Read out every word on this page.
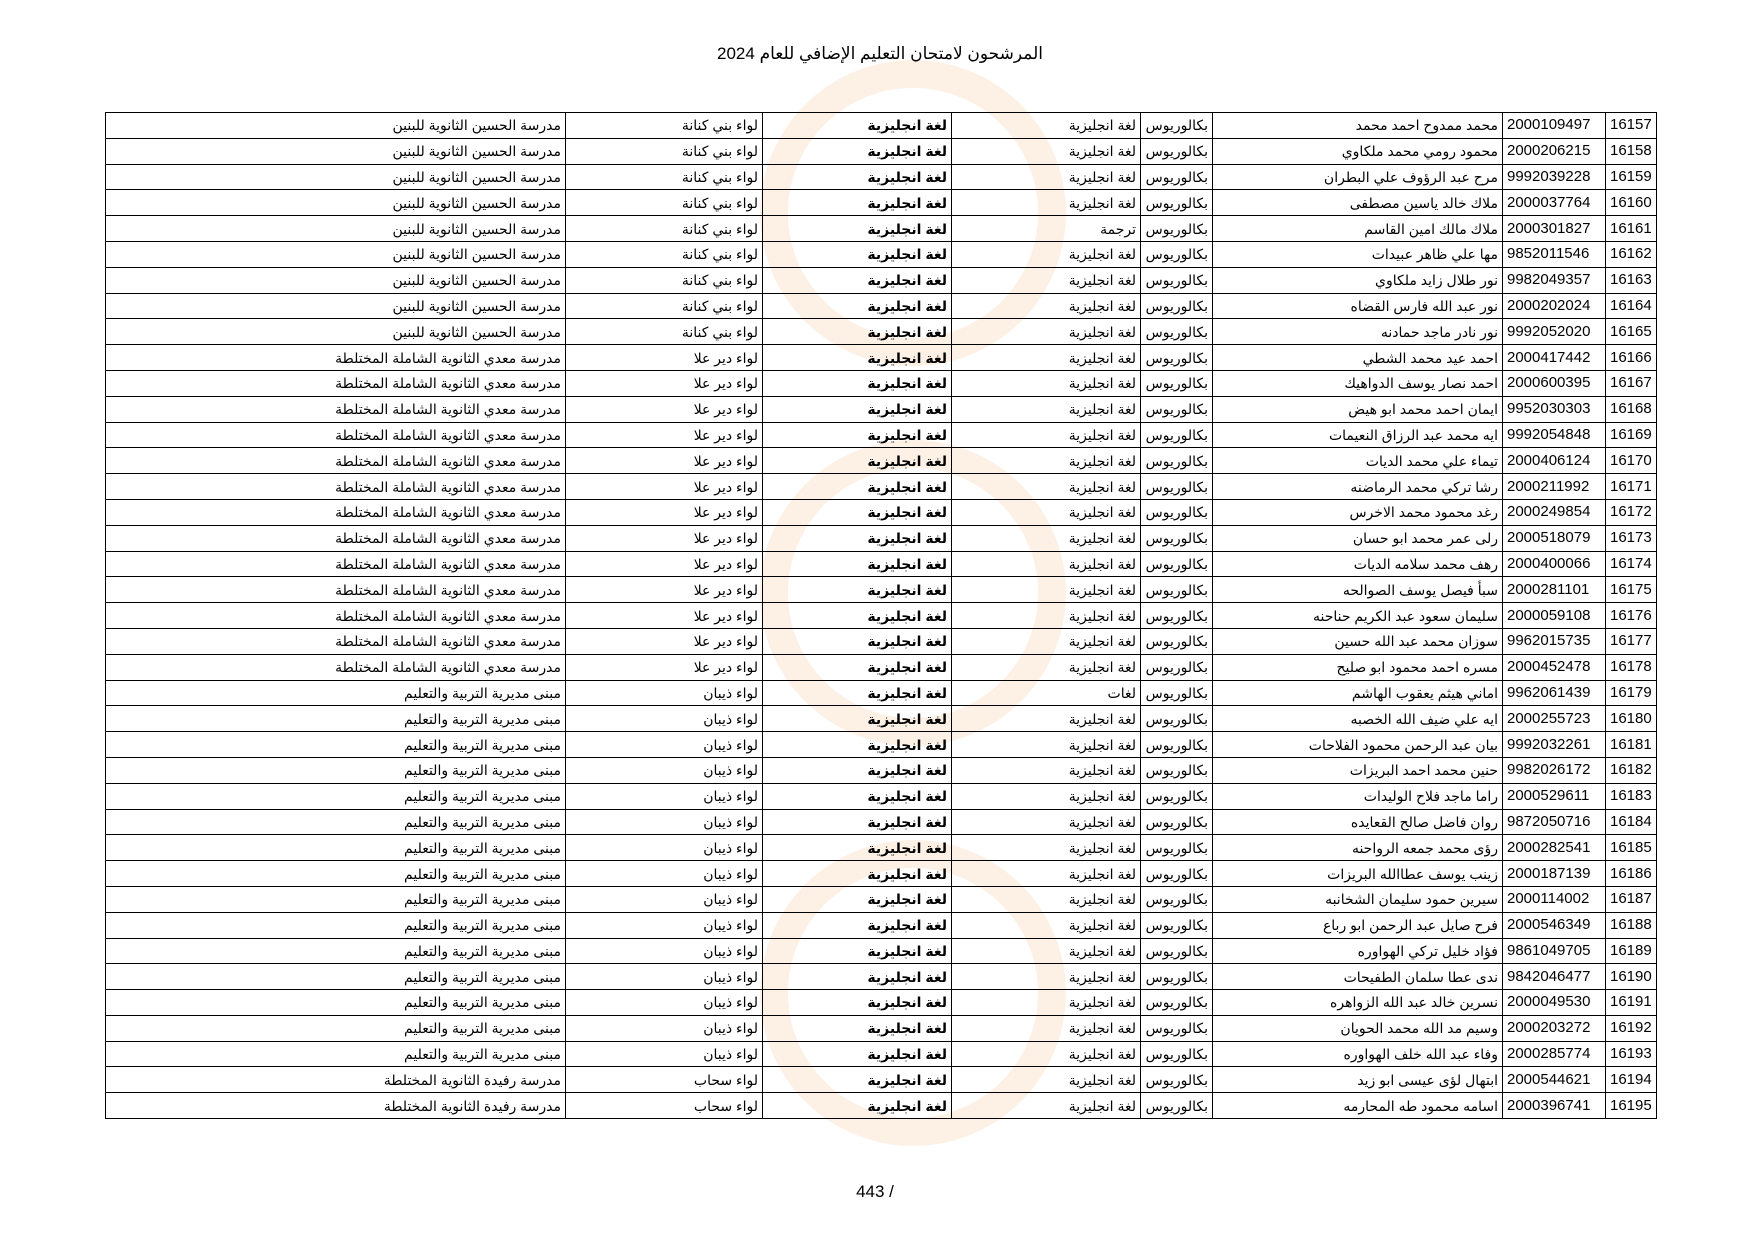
المرشحون لامتحان التعليم الإضافي للعام 2024
16157	2000109497	محمد ممدوح احمد محمد	بكالوريوس	لغة انجليزية	لغة انجليزية	لواء بني كنانة	مدرسة الحسين الثانوية للبنين
16158	2000206215	محمود رومي محمد ملكاوي	بكالوريوس	لغة انجليزية	لغة انجليزية	لواء بني كنانة	مدرسة الحسين الثانوية للبنين
16159	9992039228	مرح عبد الرؤوف علي البطران	بكالوريوس	لغة انجليزية	لغة انجليزية	لواء بني كنانة	مدرسة الحسين الثانوية للبنين
16160	2000037764	ملاك خالد ياسين مصطفى	بكالوريوس	لغة انجليزية	لغة انجليزية	لواء بني كنانة	مدرسة الحسين الثانوية للبنين
16161	2000301827	ملاك مالك امين القاسم	بكالوريوس	ترجمة	لغة انجليزية	لواء بني كنانة	مدرسة الحسين الثانوية للبنين
16162	9852011546	مها علي ظاهر عبيدات	بكالوريوس	لغة انجليزية	لغة انجليزية	لواء بني كنانة	مدرسة الحسين الثانوية للبنين
16163	9982049357	نور طلال زايد ملكاوي	بكالوريوس	لغة انجليزية	لغة انجليزية	لواء بني كنانة	مدرسة الحسين الثانوية للبنين
16164	2000202024	نور عبد الله فارس القضاه	بكالوريوس	لغة انجليزية	لغة انجليزية	لواء بني كنانة	مدرسة الحسين الثانوية للبنين
16165	9992052020	نور نادر ماجد حمادنه	بكالوريوس	لغة انجليزية	لغة انجليزية	لواء بني كنانة	مدرسة الحسين الثانوية للبنين
16166	2000417442	احمد عيد محمد الشطي	بكالوريوس	لغة انجليزية	لغة انجليزية	لواء دير علا	مدرسة معدي الثانوية الشاملة المختلطة
16167	2000600395	احمد نصار يوسف الدواهيك	بكالوريوس	لغة انجليزية	لغة انجليزية	لواء دير علا	مدرسة معدي الثانوية الشاملة المختلطة
16168	9952030303	ايمان احمد محمد ابو هيض	بكالوريوس	لغة انجليزية	لغة انجليزية	لواء دير علا	مدرسة معدي الثانوية الشاملة المختلطة
16169	9992054848	ايه محمد عبد الرزاق النعيمات	بكالوريوس	لغة انجليزية	لغة انجليزية	لواء دير علا	مدرسة معدي الثانوية الشاملة المختلطة
16170	2000406124	تيماء علي محمد الديات	بكالوريوس	لغة انجليزية	لغة انجليزية	لواء دير علا	مدرسة معدي الثانوية الشاملة المختلطة
16171	2000211992	رشا تركي محمد الرماضنه	بكالوريوس	لغة انجليزية	لغة انجليزية	لواء دير علا	مدرسة معدي الثانوية الشاملة المختلطة
16172	2000249854	رغد محمود محمد الاخرس	بكالوريوس	لغة انجليزية	لغة انجليزية	لواء دير علا	مدرسة معدي الثانوية الشاملة المختلطة
16173	2000518079	رلى عمر محمد ابو حسان	بكالوريوس	لغة انجليزية	لغة انجليزية	لواء دير علا	مدرسة معدي الثانوية الشاملة المختلطة
16174	2000400066	رهف محمد سلامه الديات	بكالوريوس	لغة انجليزية	لغة انجليزية	لواء دير علا	مدرسة معدي الثانوية الشاملة المختلطة
16175	2000281101	سبأ فيصل يوسف الصوالحه	بكالوريوس	لغة انجليزية	لغة انجليزية	لواء دير علا	مدرسة معدي الثانوية الشاملة المختلطة
16176	2000059108	سليمان سعود عبد الكريم حناحنه	بكالوريوس	لغة انجليزية	لغة انجليزية	لواء دير علا	مدرسة معدي الثانوية الشاملة المختلطة
16177	9962015735	سوزان محمد عبد الله حسين	بكالوريوس	لغة انجليزية	لغة انجليزية	لواء دير علا	مدرسة معدي الثانوية الشاملة المختلطة
16178	2000452478	مسره احمد محمود ابو صليح	بكالوريوس	لغة انجليزية	لغة انجليزية	لواء دير علا	مدرسة معدي الثانوية الشاملة المختلطة
16179	9962061439	اماني هيثم يعقوب الهاشم	بكالوريوس	لغات	لغة انجليزية	لواء ذيبان	مبنى مديرية التربية والتعليم
16180	2000255723	ايه علي ضيف الله الخصبه	بكالوريوس	لغة انجليزية	لغة انجليزية	لواء ذيبان	مبنى مديرية التربية والتعليم
16181	9992032261	بيان عبد الرحمن محمود الفلاحات	بكالوريوس	لغة انجليزية	لغة انجليزية	لواء ذيبان	مبنى مديرية التربية والتعليم
16182	9982026172	حنين محمد احمد البريزات	بكالوريوس	لغة انجليزية	لغة انجليزية	لواء ذيبان	مبنى مديرية التربية والتعليم
16183	2000529611	راما ماجد فلاح الوليدات	بكالوريوس	لغة انجليزية	لغة انجليزية	لواء ذيبان	مبنى مديرية التربية والتعليم
16184	9872050716	روان فاضل صالح القعايده	بكالوريوس	لغة انجليزية	لغة انجليزية	لواء ذيبان	مبنى مديرية التربية والتعليم
16185	2000282541	رؤى محمد جمعه الرواحنه	بكالوريوس	لغة انجليزية	لغة انجليزية	لواء ذيبان	مبنى مديرية التربية والتعليم
16186	2000187139	زينب يوسف عطاالله البريزات	بكالوريوس	لغة انجليزية	لغة انجليزية	لواء ذيبان	مبنى مديرية التربية والتعليم
16187	2000114002	سيرين حمود سليمان الشخانبه	بكالوريوس	لغة انجليزية	لغة انجليزية	لواء ذيبان	مبنى مديرية التربية والتعليم
16188	2000546349	فرح صايل عبد الرحمن ابو رباع	بكالوريوس	لغة انجليزية	لغة انجليزية	لواء ذيبان	مبنى مديرية التربية والتعليم
16189	9861049705	فؤاد خليل تركي الهواوره	بكالوريوس	لغة انجليزية	لغة انجليزية	لواء ذيبان	مبنى مديرية التربية والتعليم
16190	9842046477	ندى عطا سلمان الطفيحات	بكالوريوس	لغة انجليزية	لغة انجليزية	لواء ذيبان	مبنى مديرية التربية والتعليم
16191	2000049530	نسرين خالد عبد الله الزواهره	بكالوريوس	لغة انجليزية	لغة انجليزية	لواء ذيبان	مبنى مديرية التربية والتعليم
16192	2000203272	وسيم مد الله محمد الحويان	بكالوريوس	لغة انجليزية	لغة انجليزية	لواء ذيبان	مبنى مديرية التربية والتعليم
16193	2000285774	وفاء عبد الله خلف الهواوره	بكالوريوس	لغة انجليزية	لغة انجليزية	لواء ذيبان	مبنى مديرية التربية والتعليم
16194	2000544621	ابتهال لؤى عيسى ابو زيد	بكالوريوس	لغة انجليزية	لغة انجليزية	لواء سحاب	مدرسة رفيدة الثانوية المختلطة
16195	2000396741	اسامه محمود طه المحارمه	بكالوريوس	لغة انجليزية	لغة انجليزية	لواء سحاب	مدرسة رفيدة الثانوية المختلطة
443 /
